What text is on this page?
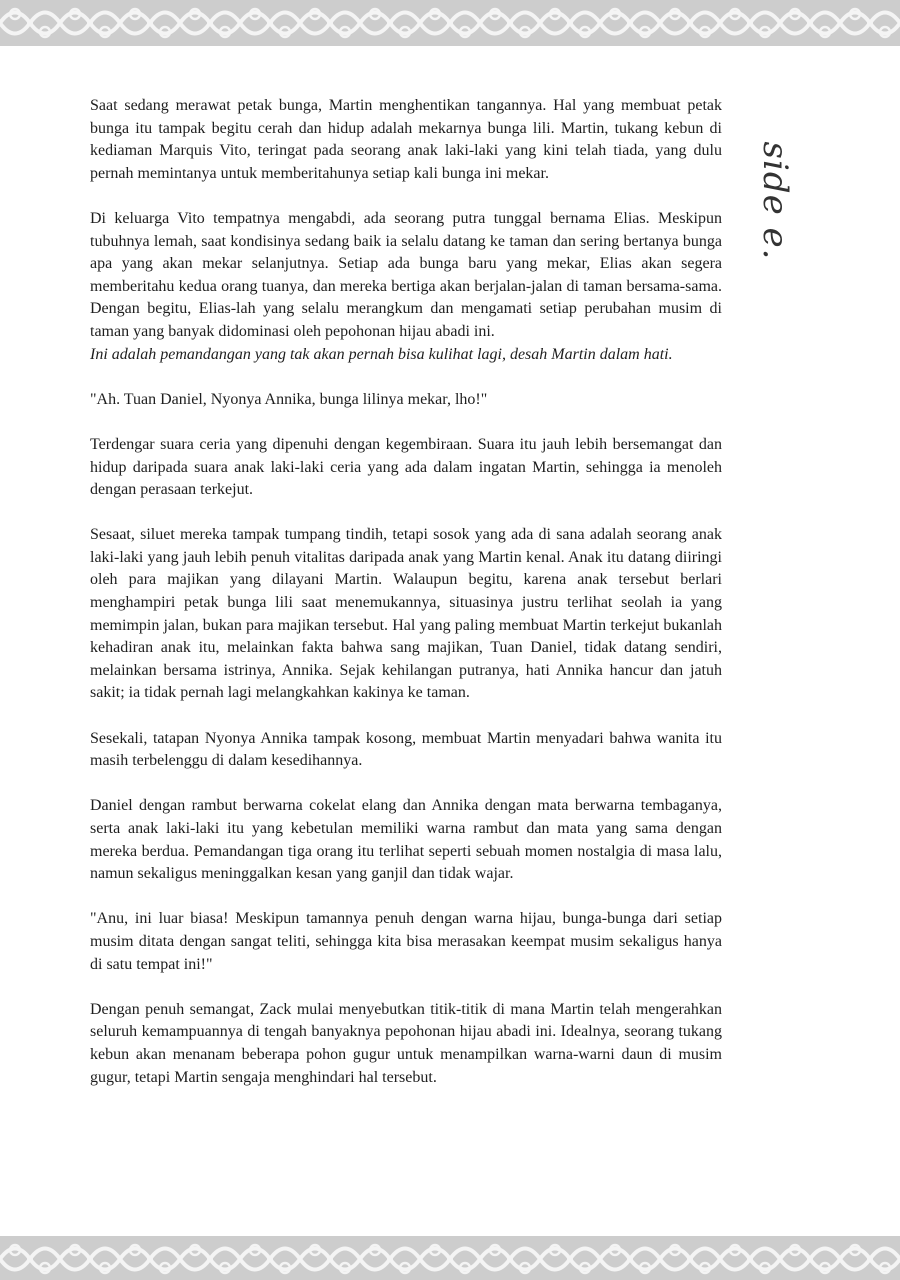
side e.

Saat sedang merawat petak bunga, Martin menghentikan tangannya. Hal yang membuat petak bunga itu tampak begitu cerah dan hidup adalah mekarnya bunga lili. Martin, tukang kebun di kediaman Marquis Vito, teringat pada seorang anak laki-laki yang kini telah tiada, yang dulu pernah memintanya untuk memberitahunya setiap kali bunga ini mekar.

Di keluarga Vito tempatnya mengabdi, ada seorang putra tunggal bernama Elias. Meskipun tubuhnya lemah, saat kondisinya sedang baik ia selalu datang ke taman dan sering bertanya bunga apa yang akan mekar selanjutnya. Setiap ada bunga baru yang mekar, Elias akan segera memberitahu kedua orang tuanya, dan mereka bertiga akan berjalan-jalan di taman bersama-sama. Dengan begitu, Elias-lah yang selalu merangkum dan mengamati setiap perubahan musim di taman yang banyak didominasi oleh pepohonan hijau abadi ini.

Ini adalah pemandangan yang tak akan pernah bisa kulihat lagi, desah Martin dalam hati.

"Ah. Tuan Daniel, Nyonya Annika, bunga lilinya mekar, lho!"

Terdengar suara ceria yang dipenuhi dengan kegembiraan. Suara itu jauh lebih bersemangat dan hidup daripada suara anak laki-laki ceria yang ada dalam ingatan Martin, sehingga ia menoleh dengan perasaan terkejut.

Sesaat, siluet mereka tampak tumpang tindih, tetapi sosok yang ada di sana adalah seorang anak laki-laki yang jauh lebih penuh vitalitas daripada anak yang Martin kenal. Anak itu datang diiringi oleh para majikan yang dilayani Martin. Walaupun begitu, karena anak tersebut berlari menghampiri petak bunga lili saat menemukannya, situasinya justru terlihat seolah ia yang memimpin jalan, bukan para majikan tersebut. Hal yang paling membuat Martin terkejut bukanlah kehadiran anak itu, melainkan fakta bahwa sang majikan, Tuan Daniel, tidak datang sendiri, melainkan bersama istrinya, Annika. Sejak kehilangan putranya, hati Annika hancur dan jatuh sakit; ia tidak pernah lagi melangkahkan kakinya ke taman.

Sesekali, tatapan Nyonya Annika tampak kosong, membuat Martin menyadari bahwa wanita itu masih terbelenggu di dalam kesedihannya.

Daniel dengan rambut berwarna cokelat elang dan Annika dengan mata berwarna tembaganya, serta anak laki-laki itu yang kebetulan memiliki warna rambut dan mata yang sama dengan mereka berdua. Pemandangan tiga orang itu terlihat seperti sebuah momen nostalgia di masa lalu, namun sekaligus meninggalkan kesan yang ganjil dan tidak wajar.

"Anu, ini luar biasa! Meskipun tamannya penuh dengan warna hijau, bunga-bunga dari setiap musim ditata dengan sangat teliti, sehingga kita bisa merasakan keempat musim sekaligus hanya di satu tempat ini!"

Dengan penuh semangat, Zack mulai menyebutkan titik-titik di mana Martin telah mengerahkan seluruh kemampuannya di tengah banyaknya pepohonan hijau abadi ini. Idealnya, seorang tukang kebun akan menanam beberapa pohon gugur untuk menampilkan warna-warni daun di musim gugur, tetapi Martin sengaja menghindari hal tersebut.
